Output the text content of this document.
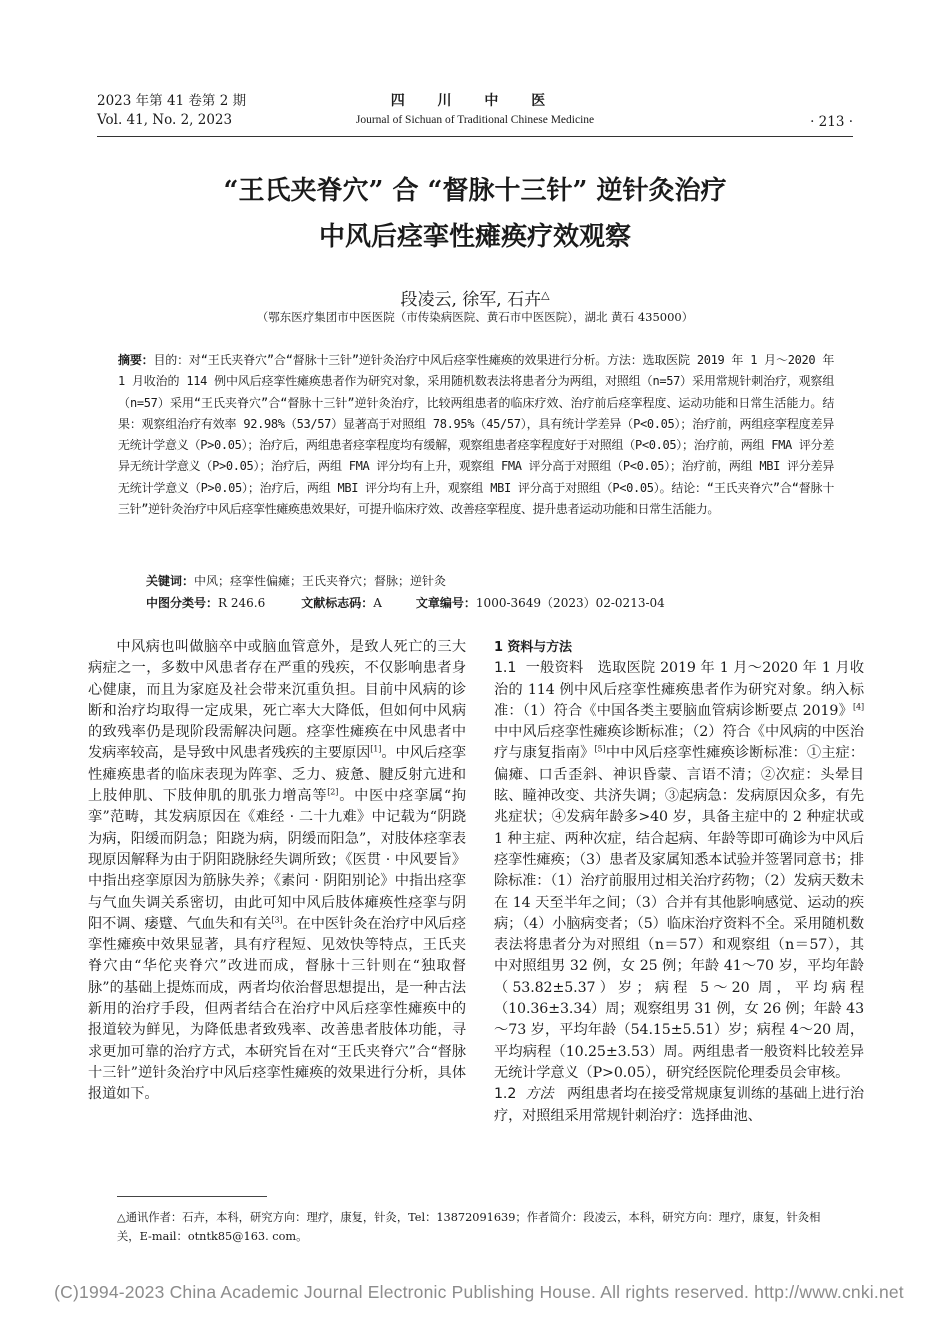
2023 年第 41 卷第 2 期
Vol. 41, No. 2, 2023
四 川 中 医
Journal of Sichuan of Traditional Chinese Medicine	· 213 ·
“王氏夹脊穴” 合 “督脉十三针” 逆针灸治疗
中风后痉挛性瘫痪疗效观察
段凌云, 徐军, 石卉△
（鄂东医疗集团市中医医院（市传染病医院、黄石市中医医院），湖北 黄石 435000）
摘要：目的：对“王氏夹脊穴”合“督脉十三针”逆针灸治疗中风后痉挛性瘫痪的效果进行分析。方法：选取医院 2019 年 1 月～2020 年 1 月收治的 114 例中风后痉挛性瘫痪患者作为研究对象，采用随机数表法将患者分为两组，对照组（n=57）采用常规针刺治疗，观察组（n=57）采用“王氏夹脊穴”合“督脉十三针”逆针灸治疗，比较两组患者的临床疗效、治疗前后痉挛程度、运动功能和日常生活能力。结果：观察组治疗有效率 92.98%（53/57）显著高于对照组 78.95%（45/57），具有统计学差异（P<0.05）；治疗前，两组痉挛程度差异无统计学意义（P>0.05）；治疗后，两组患者痉挛程度均有缓解，观察组患者痉挛程度好于对照组（P<0.05）；治疗前，两组 FMA 评分差异无统计学意义（P>0.05）；治疗后，两组 FMA 评分均有上升，观察组 FMA 评分高于对照组（P<0.05）；治疗前，两组 MBI 评分差异无统计学意义（P>0.05）；治疗后，两组 MBI 评分均有上升，观察组 MBI 评分高于对照组（P<0.05）。结论：“王氏夹脊穴”合“督脉十三针”逆针灸治疗中风后痉挛性瘫痪患效果好，可提升临床疗效、改善痉挛程度、提升患者运动功能和日常生活能力。
关键词：中风；痉挛性偏瘫；王氏夹脊穴；督脉；逆针灸
中图分类号：R 246.6	文献标志码：A	文章编号：1000-3649（2023）02-0213-04

中风病也叫做脑卒中或脑血管意外，是致人死亡的三大病症之一，多数中风患者存在严重的残疾，不仅影响患者身心健康，而且为家庭及社会带来沉重负担。目前中风病的诊断和治疗均取得一定成果，死亡率大大降低，但如何中风病的致残率仍是现阶段需解决问题。痉挛性瘫痪在中风患者中发病率较高，是导致中风患者残疾的主要原因[1]。中风后痉挛性瘫痪患者的临床表现为阵挛、乏力、疲惫、腱反射亢进和上肢伸肌、下肢伸肌的肌张力增高等[2]。中医中痉挛属“拘挛”范畴，其发病原因在《难经 · 二十九难》中记载为“阴跷为病，阳缓而阴急；阳跷为病，阴缓而阳急”，对肢体痉挛表现原因解释为由于阴阳跷脉经失调所致；《医贯 · 中风要旨》中指出痉挛原因为筋脉失养；《素问 · 阴阳别论》中指出痉挛与气血失调关系密切，由此可知中风后肢体瘫痪性痉挛与阴阳不调、痿躄、气血失和有关[3]。在中医针灸在治疗中风后痉挛性瘫痪中效果显著，具有疗程短、见效快等特点，王氏夹脊穴由“华佗夹脊穴”改进而成，督脉十三针则在“独取督脉”的基础上提炼而成，两者均依治督思想提出，是一种古法新用的治疗手段，但两者结合在治疗中风后痉挛性瘫痪中的报道较为鲜见，为降低患者致残率、改善患者肢体功能，寻求更加可靠的治疗方式，本研究旨在对“王氏夹脊穴”合“督脉十三针”逆针灸治疗中风后痉挛性瘫痪的效果进行分析，具体报道如下。

1 资料与方法

1.1 一般资料 选取医院 2019 年 1 月～2020 年 1 月收治的 114 例中风后痉挛性瘫痪患者作为研究对象。纳入标准：（1）符合《中国各类主要脑血管病诊断要点 2019》[4]中中风后痉挛性瘫痪诊断标准；（2）符合《中风病的中医治疗与康复指南》[5]中中风后痉挛性瘫痪诊断标准：①主症：偏瘫、口舌歪斜、神识昏蒙、言语不清；②次症：头晕目眩、瞳神改变、共济失调；③起病急：发病原因众多，有先兆症状；④发病年龄多>40 岁，具备主症中的 2 种症状或 1 种主症、两种次症，结合起病、年龄等即可确诊为中风后痉挛性瘫痪；（3）患者及家属知悉本试验并签署同意书；排除标准：（1）治疗前服用过相关治疗药物；（2）发病天数未在 14 天至半年之间；（3）合并有其他影响感觉、运动的疾病；（4）小脑病变者；（5）临床治疗资料不全。采用随机数表法将患者分为对照组（n＝57）和观察组（n＝57），其中对照组男 32 例，女 25 例；年龄 41～70 岁，平均年龄（53.82±5.37）岁；病程 5～20 周，平均病程（10.36±3.34）周；观察组男 31 例，女 26 例；年龄 43～73 岁，平均年龄（54.15±5.51）岁；病程 4～20 周，平均病程（10.25±3.53）周。两组患者一般资料比较差异无统计学意义（P>0.05），研究经医院伦理委员会审核。

1.2 方法 两组患者均在接受常规康复训练的基础上进行治疗，对照组采用常规针刺治疗：选择曲池、

△通讯作者：石卉，本科，研究方向：理疗，康复，针灸，Tel：13872091639；作者简介：段凌云，本科，研究方向：理疗，康复，针灸相关，E-mail：otntk85@163. com。
(C)1994-2023 China Academic Journal Electronic Publishing House. All rights reserved. http://www.cnki.net
